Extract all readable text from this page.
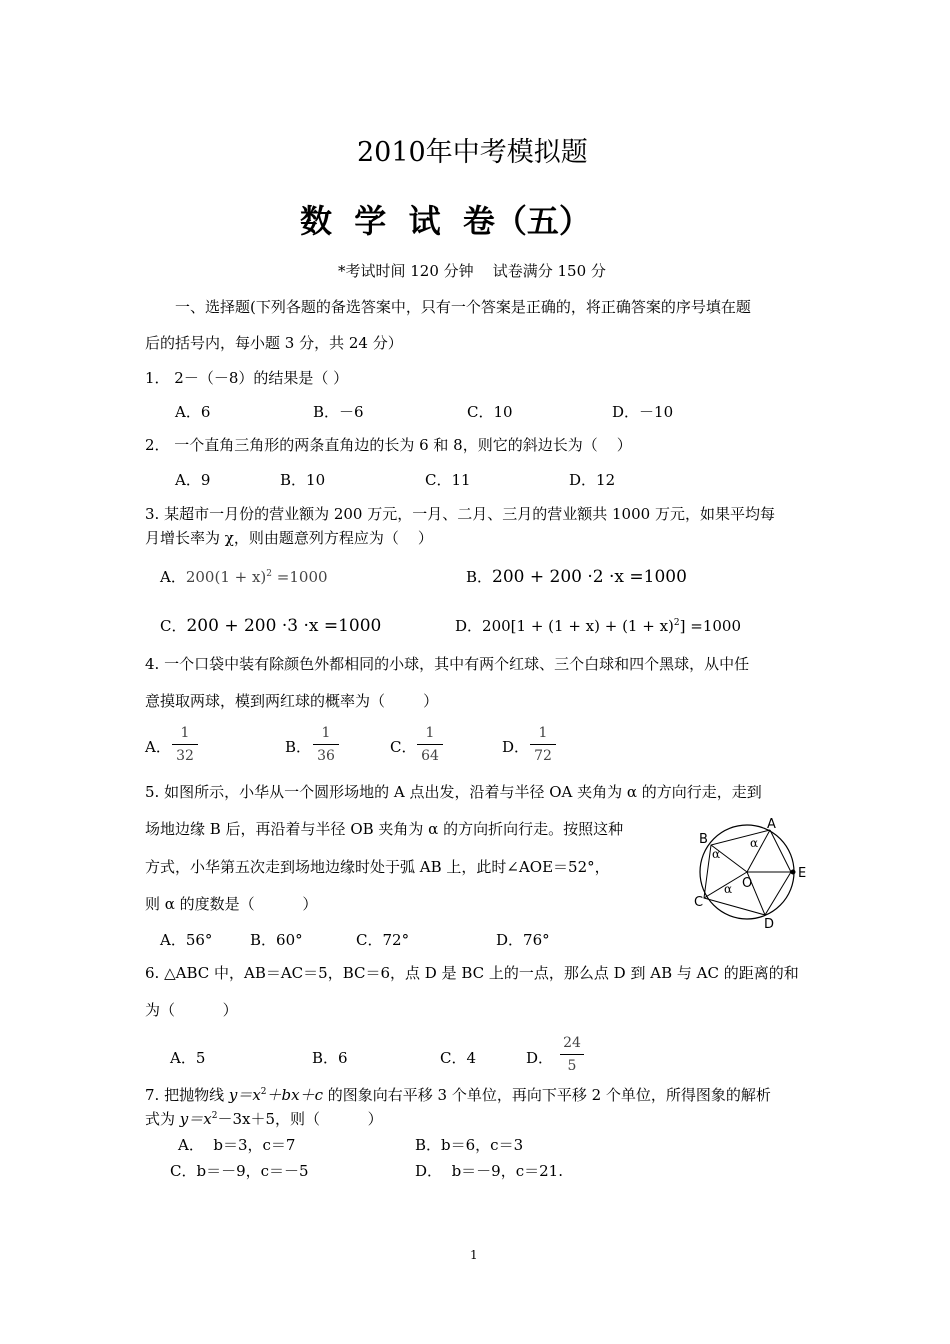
2010年中考模拟题
数  学  试  卷（五）
*考试时间 120 分钟    试卷满分 150 分
一、选择题(下列各题的备选答案中，只有一个答案是正确的，将正确答案的序号填在题
后的括号内，每小题 3 分，共 24 分）
1． 2－（－8）的结果是（ ）
A．6	B．－6	C．10	D．－10
2． 一个直角三角形的两条直角边的长为 6 和 8，则它的斜边长为（    ）
A．9	B．10	C．11	D．12
3. 某超市一月份的营业额为 200 万元，一月、二月、三月的营业额共 1000 万元，如果平均每
月增长率为 χ，则由题意列方程应为（    ）
A．$200(1 + x)^2 =1000$	B．200 + 200 ·2 ·x =1000
C．200 + 200 ·3 ·x =1000	D．$200[1 + (1 + x) + (1 + x)^2] =1000$
4. 一个口袋中装有除颜色外都相同的小球，其中有两个红球、三个白球和四个黑球，从中任
意摸取两球，模到两红球的概率为（        ）
A．
1
32	B．
1
36	C．
1
64	D．
1
72
5. 如图所示，小华从一个圆形场地的 A 点出发，沿着与半径 OA 夹角为 α 的方向行走，走到
场地边缘 B 后，再沿着与半径 OB 夹角为 α 的方向折向行走。按照这种
方式，小华第五次走到场地边缘时处于弧 AB 上，此时∠AOE＝52°，
则 α 的度数是（          ）
A
B
C
D
E
O
α
α
α
A．56°	B．60°	C．72°	D．76°
6. △ABC 中，AB＝AC＝5，BC＝6，点 D 是 BC 上的一点，那么点 D 到 AB 与 AC 的距离的和
为（          ）
A．5	B．6	C．4	D．
24
5
7. 把抛物线 $y=x^2+bx+c$ 的图象向右平移 3 个单位，再向下平移 2 个单位，所得图象的解析
式为 $y=x^2-3x+5$，则（          ）
A．  b＝3，c＝7	B．b＝6，c＝3
C．b＝－9，c＝－5	D．  b＝－9，c＝21.
1
